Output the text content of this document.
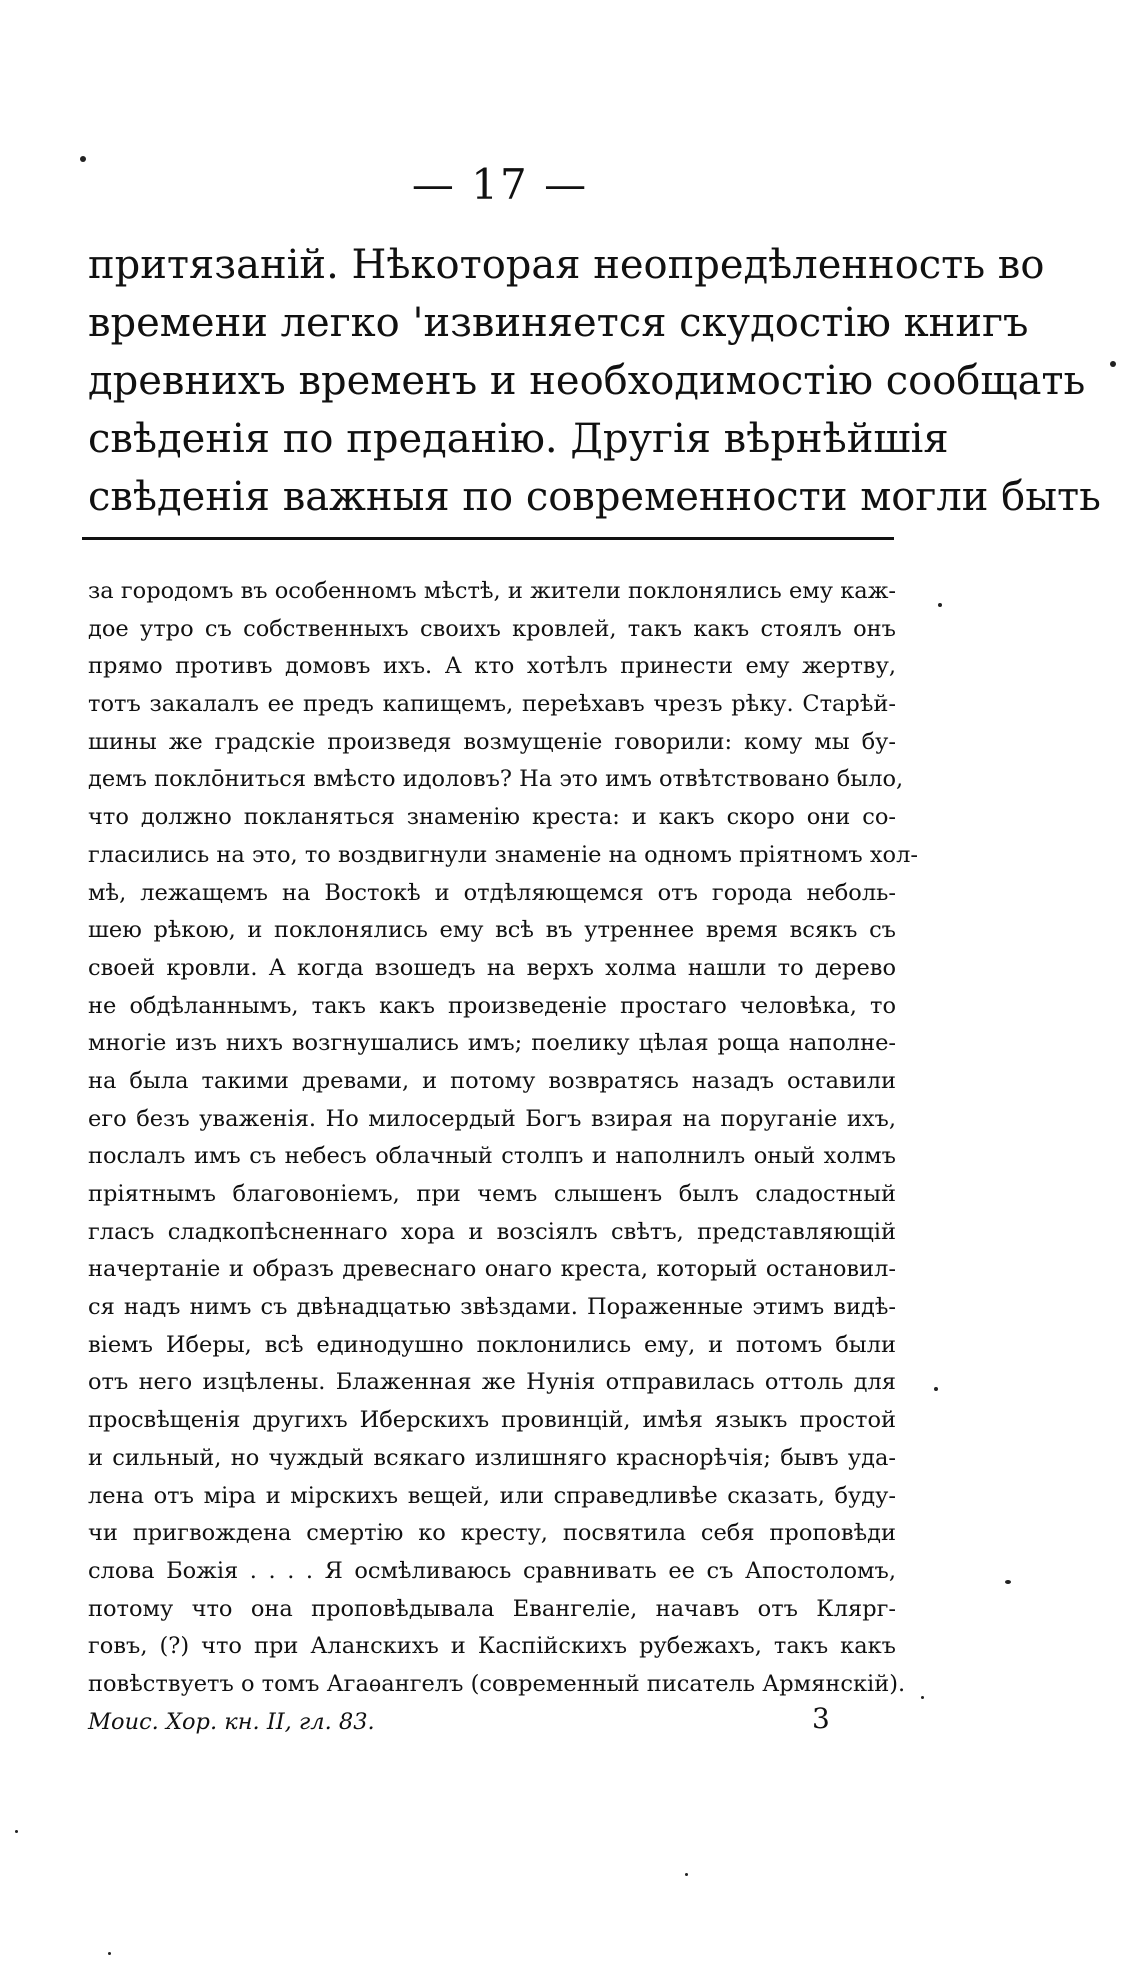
— 17 —
притязаній. Нѣкоторая неопредѣленность во
времени легко 'извиняется скудостію книгъ
древнихъ временъ и необходимостію сообщать
свѣденія по преданію. Другія вѣрнѣйшія
свѣденія важныя по современности могли быть
за городомъ въ особенномъ мѣстѣ, и жители поклонялись ему каж-
дое утро съ собственныхъ своихъ кровлей, такъ какъ стоялъ онъ
прямо противъ домовъ ихъ. А кто хотѣлъ принести ему жертву,
тотъ закалалъ ее предъ капищемъ, переѣхавъ чрезъ рѣку. Старѣй-
шины же градскіе произведя возмущеніе говорили: кому мы бу-
демъ покло̄ниться вмѣсто идоловъ? На это имъ отвѣтствовано было,
что должно покланяться знаменію креста: и какъ скоро они со-
гласились на это, то воздвигнули знаменіе на одномъ пріятномъ хол-
мѣ, лежащемъ на Востокѣ и отдѣляющемся отъ города неболь-
шею рѣкою, и поклонялись ему всѣ въ утреннее время всякъ съ
своей кровли. А когда взошедъ на верхъ холма нашли то дерево
не обдѣланнымъ, такъ какъ произведеніе простаго человѣка, то
многіе изъ нихъ возгнушались имъ; поелику цѣлая роща наполне-
на была такими древами, и потому возвратясь назадъ оставили
его безъ уваженія. Но милосердый Богъ взирая на поруганіе ихъ,
послалъ имъ съ небесъ облачный столпъ и наполнилъ оный холмъ
пріятнымъ благовоніемъ, при чемъ слышенъ былъ сладостный
гласъ сладкопѣсненнаго хора и возсіялъ свѣтъ, представляющій
начертаніе и образъ древеснаго онаго креста, который остановил-
ся надъ нимъ съ двѣнадцатью звѣздами. Пораженные этимъ видѣ-
віемъ Иберы, всѣ единодушно поклонились ему, и потомъ были
отъ него изцѣлены. Блаженная же Нунія отправилась оттоль для
просвѣщенія другихъ Иберскихъ провинцій, имѣя языкъ простой
и сильный, но чуждый всякаго излишняго краснорѣчія; бывъ уда-
лена отъ міра и мірскихъ вещей, или справедливѣе сказать, буду-
чи пригвождена смертію ко кресту, посвятила себя проповѣди
слова Божія . . . . Я осмѣливаюсь сравнивать ее съ Апостоломъ,
потому что она проповѣдывала Евангеліе, начавъ отъ Клярг-
говъ, (?) что при Аланскихъ и Каспійскихъ рубежахъ, такъ какъ
повѣствуетъ о томъ Агаѳангелъ (современный писатель Армянскій).
Моис. Хор. кн. II, гл. 83.	3
